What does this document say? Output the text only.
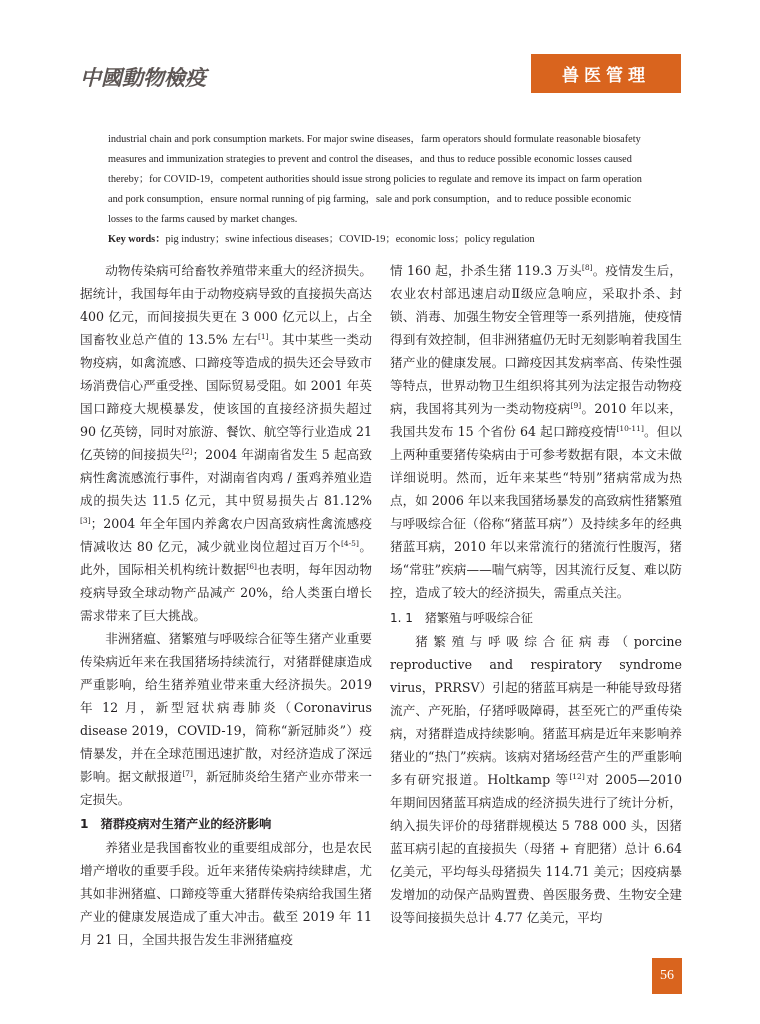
中國動物檢疫	兽医管理

industrial chain and pork consumption markets. For major swine diseases，farm operators should formulate reasonable biosafety measures and immunization strategies to prevent and control the diseases，and thus to reduce possible economic losses caused thereby；for COVID-19，competent authorities should issue strong policies to regulate and remove its impact on farm operation and pork consumption，ensure normal running of pig farming，sale and pork consumption，and to reduce possible economic losses to the farms caused by market changes.

Key words：pig industry；swine infectious diseases；COVID-19；economic loss；policy regulation

动物传染病可给畜牧养殖带来重大的经济损失。据统计，我国每年由于动物疫病导致的直接损失高达 400 亿元，而间接损失更在 3 000 亿元以上，占全国畜牧业总产值的 13.5% 左右[1]。其中某些一类动物疫病，如禽流感、口蹄疫等造成的损失还会导致市场消费信心严重受挫、国际贸易受阻。如 2001 年英国口蹄疫大规模暴发，使该国的直接经济损失超过 90 亿英镑，同时对旅游、餐饮、航空等行业造成 21 亿英镑的间接损失[2]；2004 年湖南省发生 5 起高致病性禽流感流行事件，对湖南省肉鸡 / 蛋鸡养殖业造成的损失达 11.5 亿元，其中贸易损失占 81.12%[3]；2004 年全年国内养禽农户因高致病性禽流感疫情减收达 80 亿元，减少就业岗位超过百万个[4-5]。此外，国际相关机构统计数据[6]也表明，每年因动物疫病导致全球动物产品减产 20%，给人类蛋白增长需求带来了巨大挑战。

非洲猪瘟、猪繁殖与呼吸综合征等生猪产业重要传染病近年来在我国猪场持续流行，对猪群健康造成严重影响，给生猪养殖业带来重大经济损失。2019 年 12 月，新型冠状病毒肺炎（Coronavirus disease 2019，COVID-19，简称“新冠肺炎”）疫情暴发，并在全球范围迅速扩散，对经济造成了深远影响。据文献报道[7]，新冠肺炎给生猪产业亦带来一定损失。

1　猪群疫病对生猪产业的经济影响

养猪业是我国畜牧业的重要组成部分，也是农民增产增收的重要手段。近年来猪传染病持续肆虐，尤其如非洲猪瘟、口蹄疫等重大猪群传染病给我国生猪产业的健康发展造成了重大冲击。截至 2019 年 11 月 21 日，全国共报告发生非洲猪瘟疫

情 160 起，扑杀生猪 119.3 万头[8]。疫情发生后，农业农村部迅速启动Ⅱ级应急响应，采取扑杀、封锁、消毒、加强生物安全管理等一系列措施，使疫情得到有效控制，但非洲猪瘟仍无时无刻影响着我国生猪产业的健康发展。口蹄疫因其发病率高、传染性强等特点，世界动物卫生组织将其列为法定报告动物疫病，我国将其列为一类动物疫病[9]。2010 年以来，我国共发布 15 个省份 64 起口蹄疫疫情[10-11]。但以上两种重要猪传染病由于可参考数据有限，本文未做详细说明。然而，近年来某些“特别”猪病常成为热点，如 2006 年以来我国猪场暴发的高致病性猪繁殖与呼吸综合征（俗称“猪蓝耳病”）及持续多年的经典猪蓝耳病，2010 年以来常流行的猪流行性腹泻，猪场“常驻”疾病——喘气病等，因其流行反复、难以防控，造成了较大的经济损失，需重点关注。

1. 1　猪繁殖与呼吸综合征

猪繁殖与呼吸综合征病毒（porcine reproductive and respiratory syndrome virus，PRRSV）引起的猪蓝耳病是一种能导致母猪流产、产死胎，仔猪呼吸障碍，甚至死亡的严重传染病，对猪群造成持续影响。猪蓝耳病是近年来影响养猪业的“热门”疾病。该病对猪场经营产生的严重影响多有研究报道。Holtkamp 等[12]对 2005—2010 年期间因猪蓝耳病造成的经济损失进行了统计分析，纳入损失评价的母猪群规模达 5 788 000 头，因猪蓝耳病引起的直接损失（母猪 + 育肥猪）总计 6.64 亿美元，平均每头母猪损失 114.71 美元；因疫病暴发增加的动保产品购置费、兽医服务费、生物安全建设等间接损失总计 4.77 亿美元，平均

56
